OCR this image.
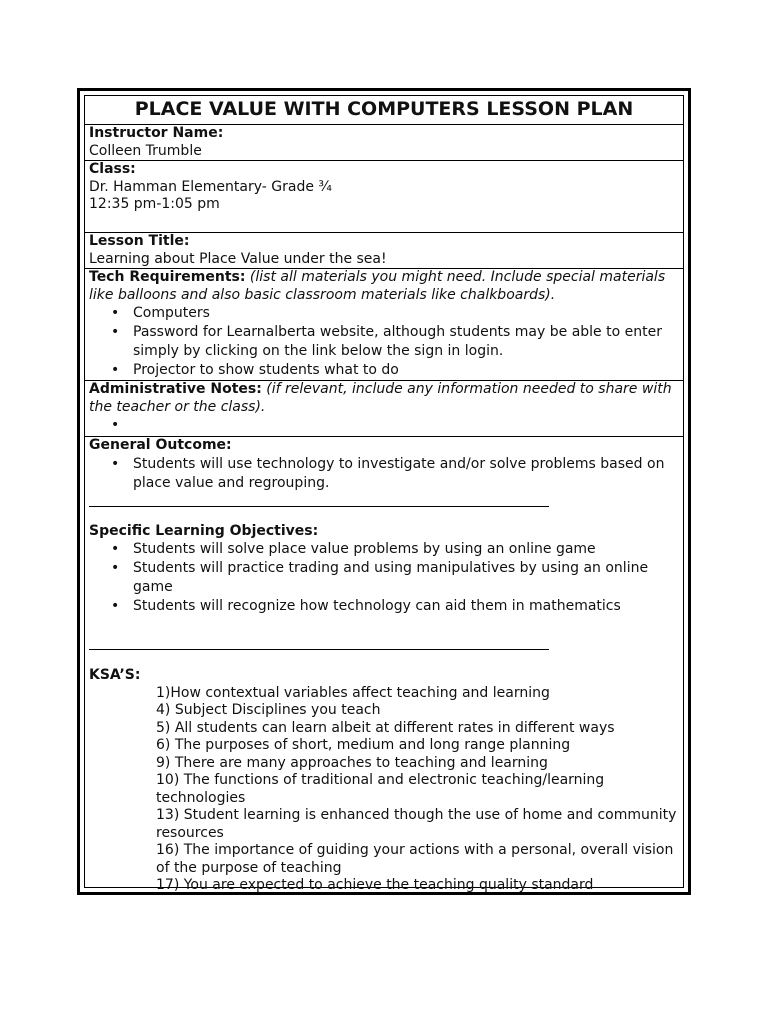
PLACE VALUE WITH COMPUTERS LESSON PLAN
Instructor Name:
Colleen Trumble
Class:
Dr. Hamman Elementary- Grade ¾
12:35 pm-1:05 pm
Lesson Title:
Learning about Place Value under the sea!
Tech Requirements: (list all materials you might need. Include special materials like balloons and also basic classroom materials like chalkboards).
• Computers
• Password for Learnalberta website, although students may be able to enter simply by clicking on the link below the sign in login.
• Projector to show students what to do
Administrative Notes: (if relevant, include any information needed to share with the teacher or the class).
•
General Outcome:
• Students will use technology to investigate and/or solve problems based on place value and regrouping.
Specific Learning Objectives:
• Students will solve place value problems by using an online game
• Students will practice trading and using manipulatives by using an online game
• Students will recognize how technology can aid them in mathematics
KSA’S:
1)How contextual variables affect teaching and learning
4) Subject Disciplines you teach
5) All students can learn albeit at different rates in different ways
6) The purposes of short, medium and long range planning
9) There are many approaches to teaching and learning
10) The functions of traditional and electronic teaching/learning technologies
13) Student learning is enhanced though the use of home and community resources
16) The importance of guiding your actions with a personal, overall vision of the purpose of teaching
17) You are expected to achieve the teaching quality standard
